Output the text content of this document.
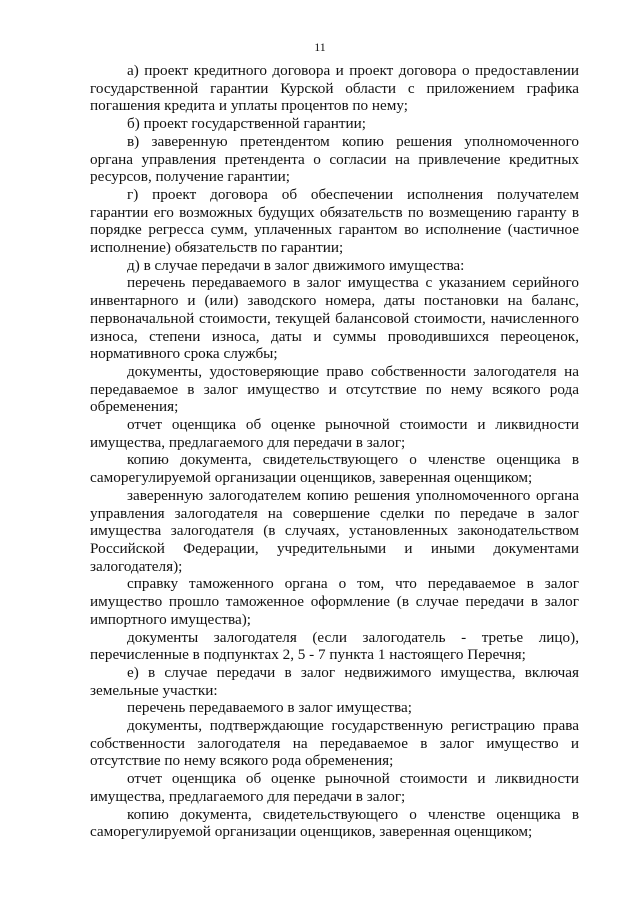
11

а) проект кредитного договора и проект договора о предоставлении государственной гарантии Курской области с приложением графика погашения кредита и уплаты процентов по нему;

б) проект государственной гарантии;

в) заверенную претендентом копию решения уполномоченного органа управления претендента о согласии на привлечение кредитных ресурсов, получение гарантии;

г) проект договора об обеспечении исполнения получателем гарантии его возможных будущих обязательств по возмещению гаранту в порядке регресса сумм, уплаченных гарантом во исполнение (частичное исполнение) обязательств по гарантии;

д) в случае передачи в залог движимого имущества:

перечень передаваемого в залог имущества с указанием серийного инвентарного и (или) заводского номера, даты постановки на баланс, первоначальной стоимости, текущей балансовой стоимости, начисленного износа, степени износа, даты и суммы проводившихся переоценок, нормативного срока службы;

документы, удостоверяющие право собственности залогодателя на передаваемое в залог имущество и отсутствие по нему всякого рода обременения;

отчет оценщика об оценке рыночной стоимости и ликвидности имущества, предлагаемого для передачи в залог;

копию документа, свидетельствующего о членстве оценщика в саморегулируемой организации оценщиков, заверенная оценщиком;

заверенную залогодателем копию решения уполномоченного органа управления залогодателя на совершение сделки по передаче в залог имущества залогодателя (в случаях, установленных законодательством Российской Федерации, учредительными и иными документами залогодателя);

справку таможенного органа о том, что передаваемое в залог имущество прошло таможенное оформление (в случае передачи в залог импортного имущества);

документы залогодателя (если залогодатель - третье лицо), перечисленные в подпунктах 2, 5 - 7 пункта 1 настоящего Перечня;

е) в случае передачи в залог недвижимого имущества, включая земельные участки:

перечень передаваемого в залог имущества;

документы, подтверждающие государственную регистрацию права собственности залогодателя на передаваемое в залог имущество и отсутствие по нему всякого рода обременения;

отчет оценщика об оценке рыночной стоимости и ликвидности имущества, предлагаемого для передачи в залог;

копию документа, свидетельствующего о членстве оценщика в саморегулируемой организации оценщиков, заверенная оценщиком;
